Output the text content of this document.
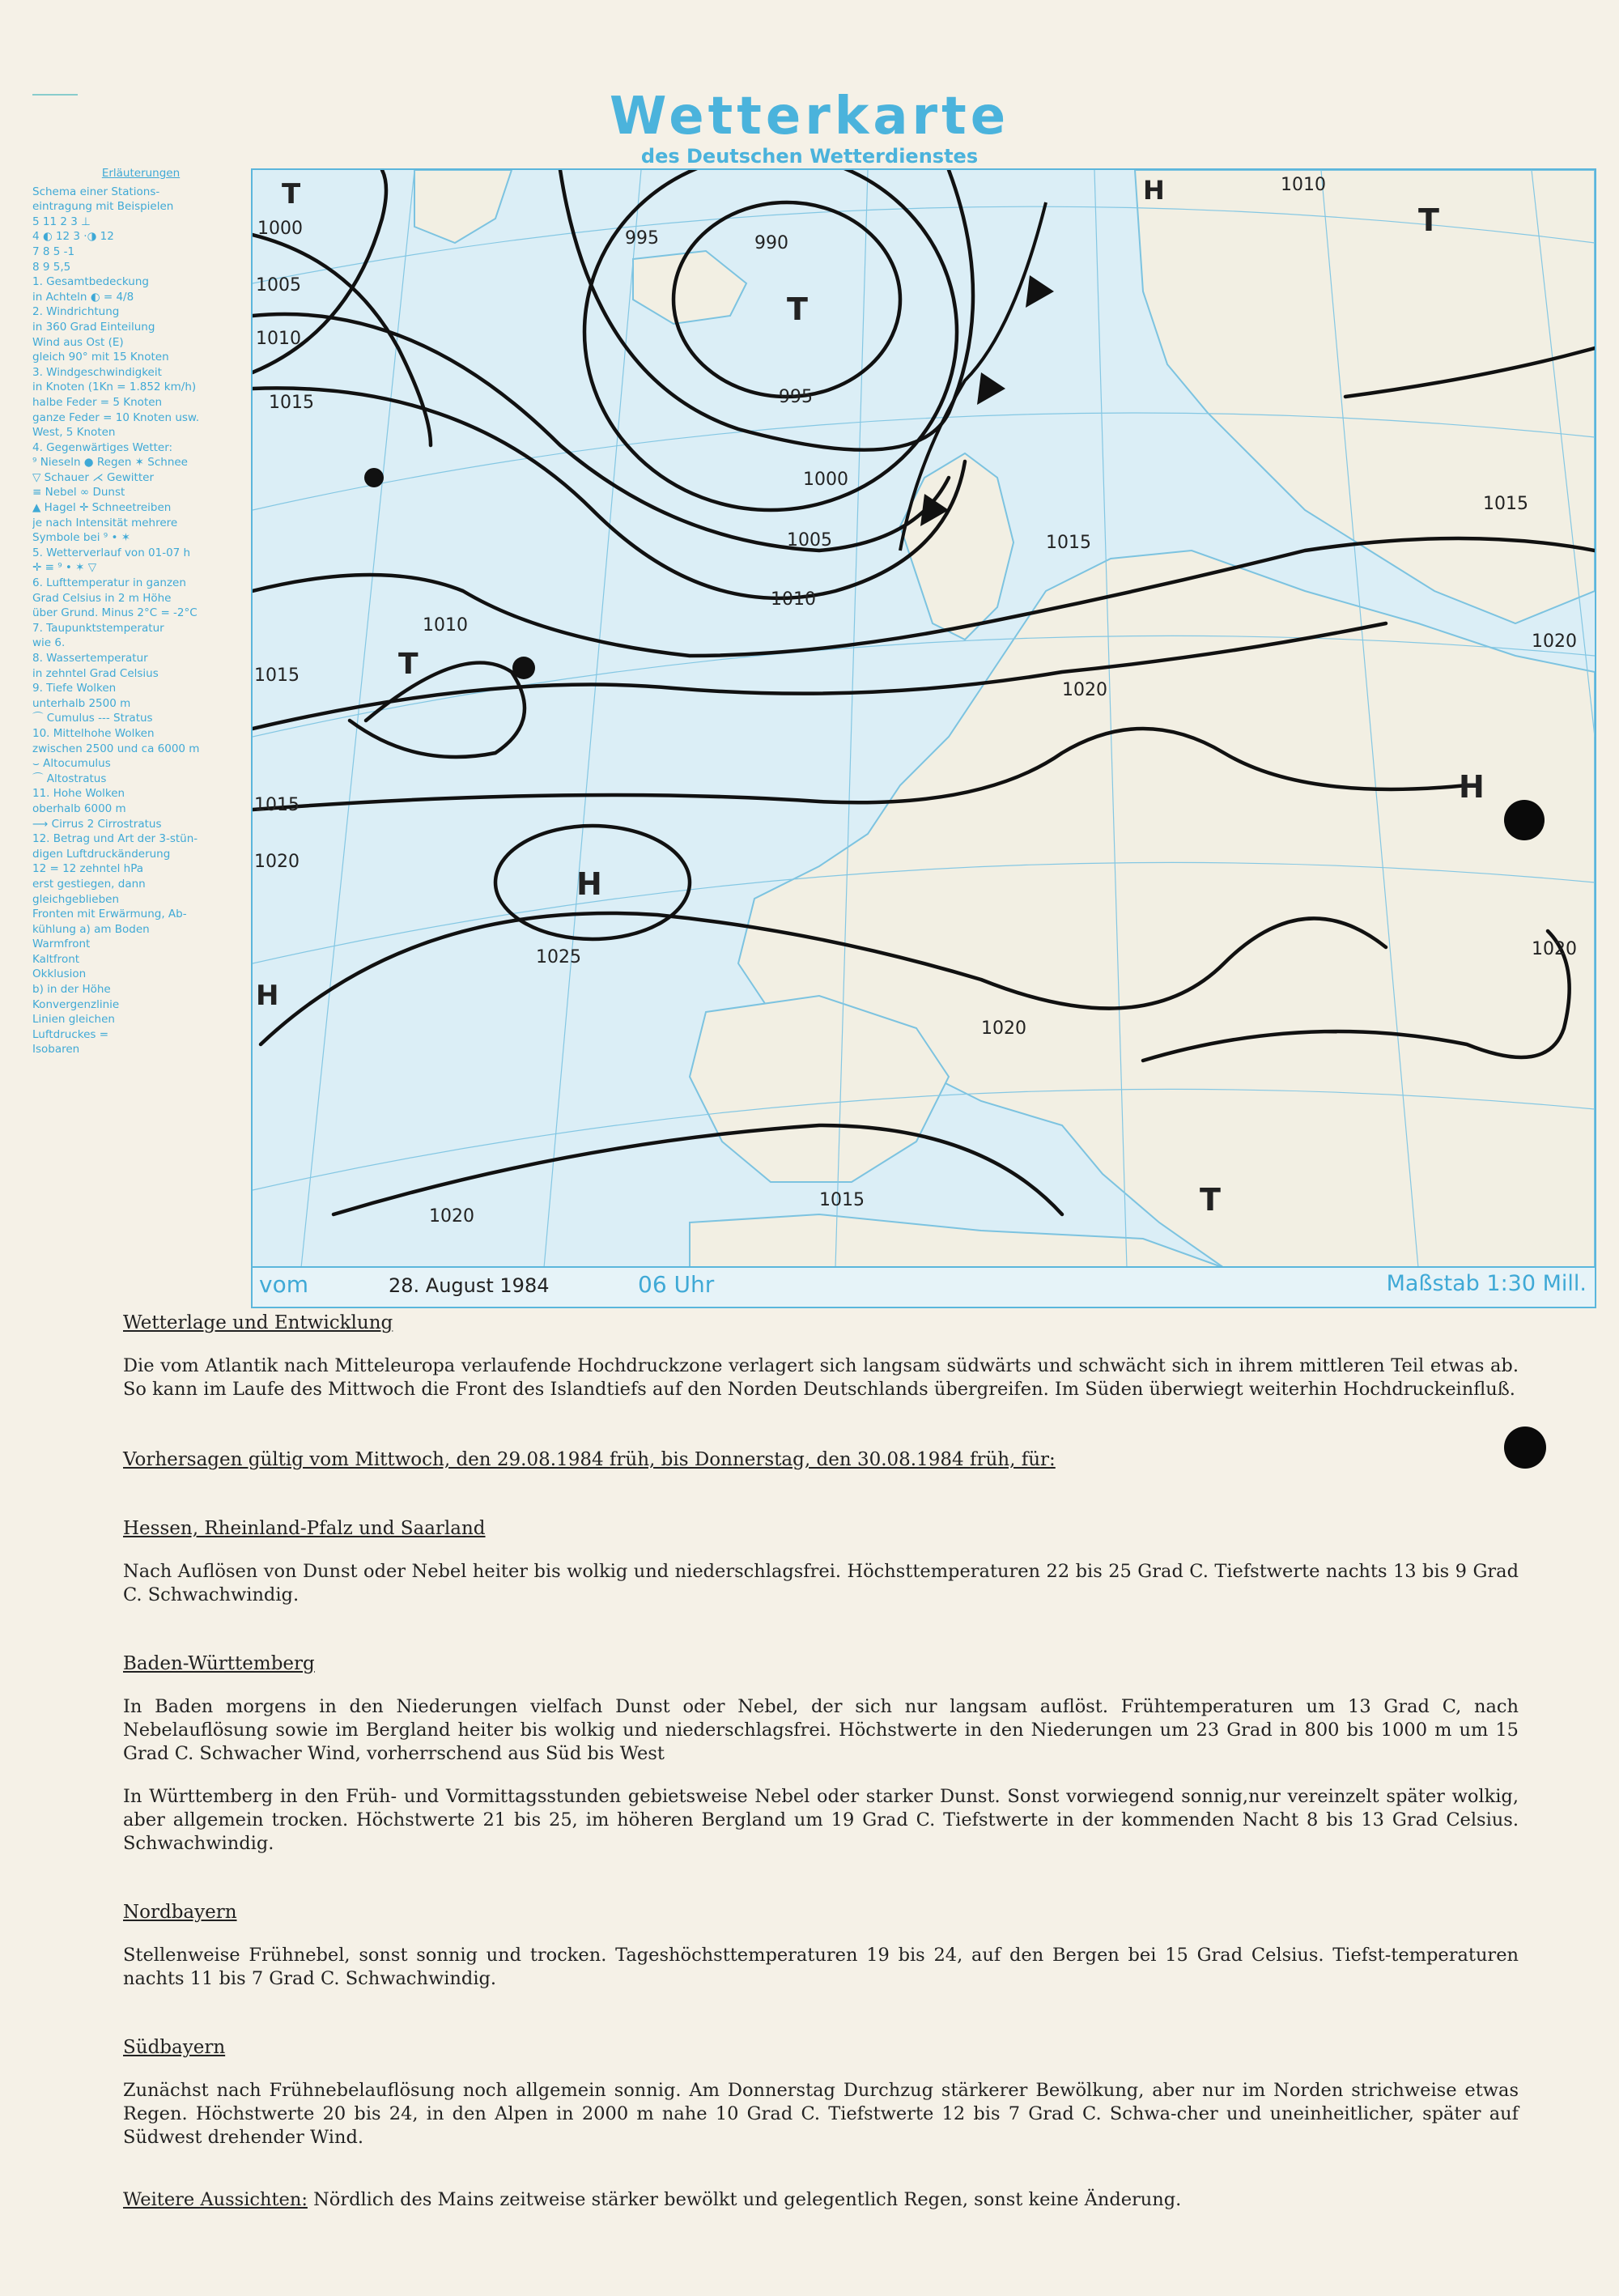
Wetterkarte
des Deutschen Wetterdienstes
Erläuterungen
Schema einer Stations-
eintragung mit Beispielen
5 11 2 3 ⊥
4 ◐ 12 3 ·◑ 12
7 8 5 -1
8 9 5,5
1. Gesamtbedeckung
in Achteln ◐ = 4/8
2. Windrichtung
in 360 Grad Einteilung
Wind aus Ost (E)
gleich 90° mit 15 Knoten
3. Windgeschwindigkeit
in Knoten (1Kn = 1.852 km/h)
halbe Feder = 5 Knoten
ganze Feder = 10 Knoten usw.
West, 5 Knoten
4. Gegenwärtiges Wetter:
⁹ Nieseln ● Regen ✶ Schnee
▽ Schauer ⋌ Gewitter
≡ Nebel ∞ Dunst
▲ Hagel ✛ Schneetreiben
je nach Intensität mehrere
Symbole bei ⁹ • ✶
5. Wetterverlauf von 01-07 h
✛ ≡ ⁹ • ✶ ▽
6. Lufttemperatur in ganzen
Grad Celsius in 2 m Höhe
über Grund. Minus 2°C = -2°C
7. Taupunktstemperatur
wie 6.
8. Wassertemperatur
in zehntel Grad Celsius
9. Tiefe Wolken
unterhalb 2500 m
⌒ Cumulus --- Stratus
10. Mittelhohe Wolken
zwischen 2500 und ca 6000 m
⌣ Altocumulus
⌒ Altostratus
11. Hohe Wolken
oberhalb 6000 m
⟶ Cirrus 2 Cirrostratus
12. Betrag und Art der 3-stün-
digen Luftdruckänderung
12 = 12 zehntel hPa
erst gestiegen, dann
gleichgeblieben
Fronten mit Erwärmung, Ab-
kühlung a) am Boden
Warmfront
Kaltfront
Okklusion
b) in der Höhe
Konvergenzlinie
Linien gleichen
Luftdruckes =
Isobaren
T
T
T
T
H
H
H
H
T
1000
1005
1010
1015
995	990
995
1000
1005
1010
1010
1015
1015
1020
1025
1020
1015
1020
1020
1015
1010
1015
1020
1020
vom	28. August 1984	06 Uhr	Maßstab 1:30 Mill.
Wetterlage und Entwicklung

Die vom Atlantik nach Mitteleuropa verlaufende Hochdruckzone verlagert sich langsam südwärts und schwächt sich in ihrem mittleren Teil etwas ab. So kann im Laufe des Mittwoch die Front des Islandtiefs auf den Norden Deutschlands übergreifen. Im Süden überwiegt weiterhin Hochdruckeinfluß.

Vorhersagen gültig vom Mittwoch, den 29.08.1984 früh, bis Donnerstag, den 30.08.1984 früh, für:
Hessen, Rheinland-Pfalz und Saarland

Nach Auflösen von Dunst oder Nebel heiter bis wolkig und niederschlagsfrei. Höchsttemperaturen 22 bis 25 Grad C. Tiefstwerte nachts 13 bis 9 Grad C. Schwachwindig.

Baden-Württemberg

In Baden morgens in den Niederungen vielfach Dunst oder Nebel, der sich nur langsam auflöst. Frühtemperaturen um 13 Grad C, nach Nebelauflösung sowie im Bergland heiter bis wolkig und niederschlagsfrei. Höchstwerte in den Niederungen um 23 Grad in 800 bis 1000 m um 15 Grad C. Schwacher Wind, vorherrschend aus Süd bis West

In Württemberg in den Früh- und Vormittagsstunden gebietsweise Nebel oder starker Dunst. Sonst vorwiegend sonnig,nur vereinzelt später wolkig, aber allgemein trocken. Höchstwerte 21 bis 25, im höheren Bergland um 19 Grad C. Tiefstwerte in der kommenden Nacht 8 bis 13 Grad Celsius. Schwachwindig.

Nordbayern

Stellenweise Frühnebel, sonst sonnig und trocken. Tageshöchsttemperaturen 19 bis 24, auf den Bergen bei 15 Grad Celsius. Tiefst-temperaturen nachts 11 bis 7 Grad C. Schwachwindig.

Südbayern

Zunächst nach Frühnebelauflösung noch allgemein sonnig. Am Donnerstag Durchzug stärkerer Bewölkung, aber nur im Norden strichweise etwas Regen. Höchstwerte 20 bis 24, in den Alpen in 2000 m nahe 10 Grad C. Tiefstwerte 12 bis 7 Grad C. Schwa-cher und uneinheitlicher, später auf Südwest drehender Wind.

Weitere Aussichten: Nördlich des Mains zeitweise stärker bewölkt und gelegentlich Regen, sonst keine Änderung.
